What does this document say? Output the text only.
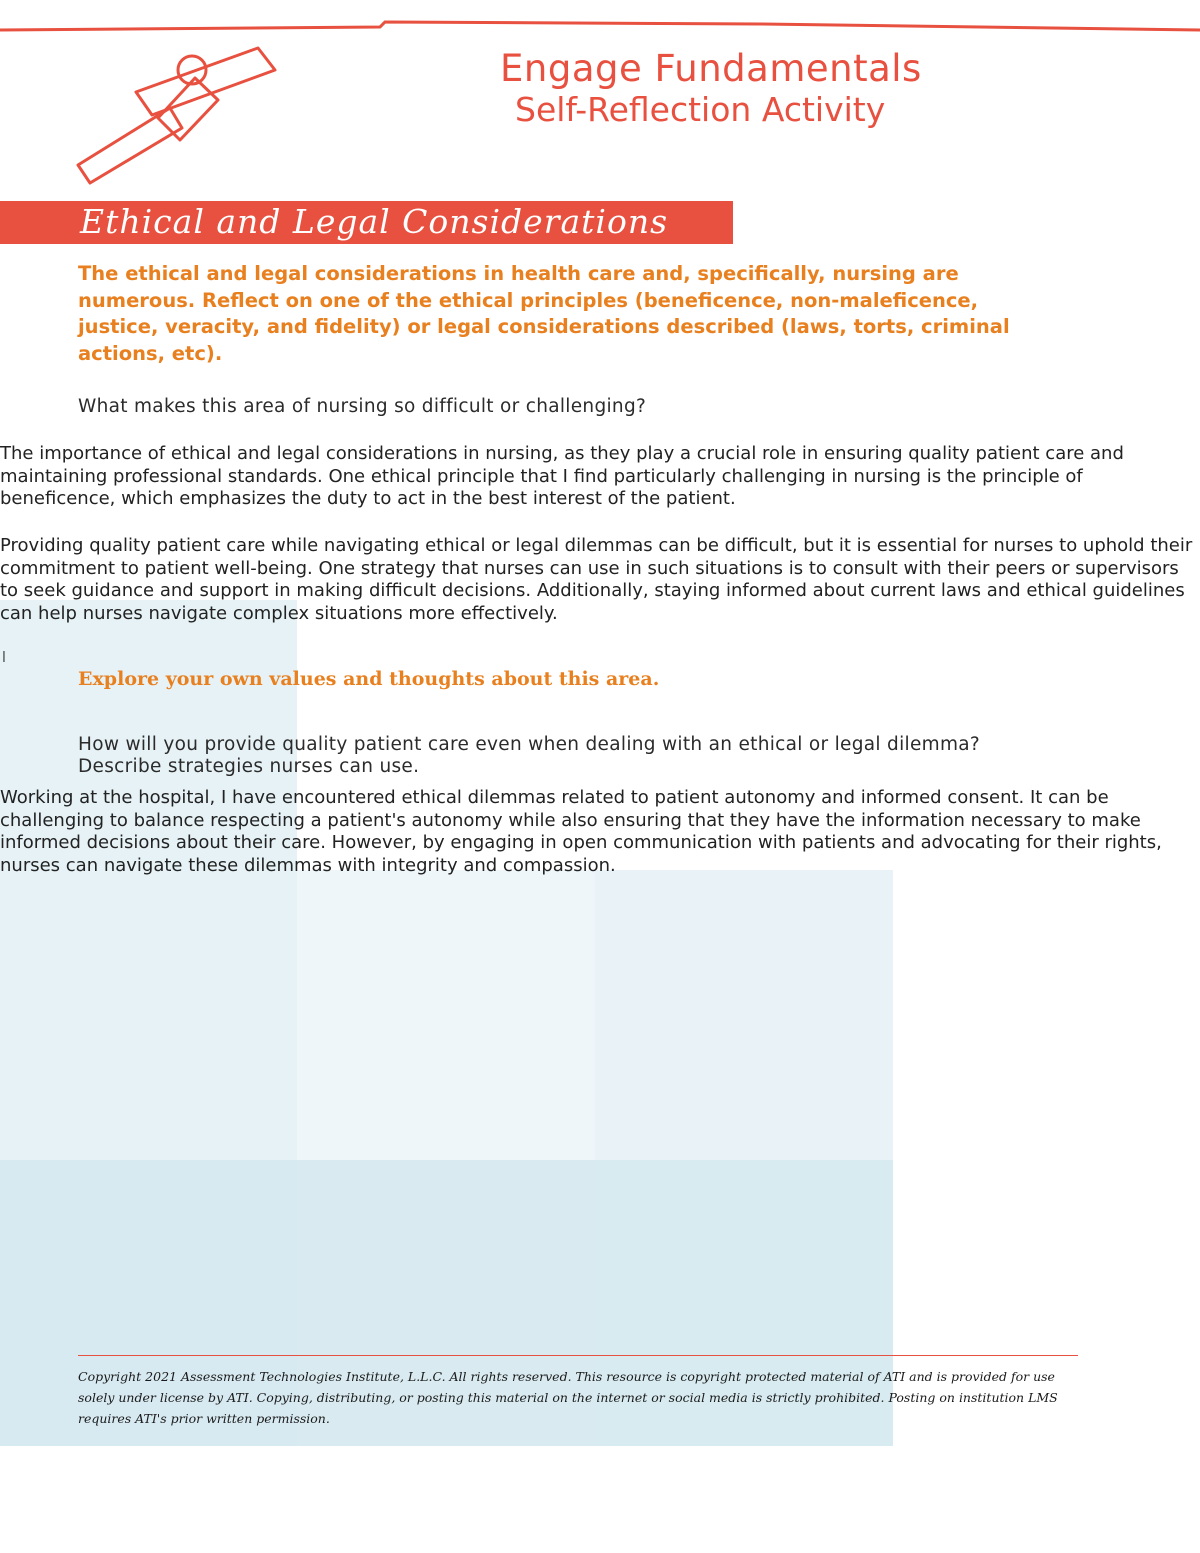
Engage Fundamentals
Self-Reflection Activity
Ethical and Legal Considerations

The ethical and legal considerations in health care and, specifically, nursing are numerous. Reflect on one of the ethical principles (beneficence, non-maleficence, justice, veracity, and fidelity) or legal considerations described (laws, torts, criminal actions, etc).

What makes this area of nursing so difficult or challenging?

The importance of ethical and legal considerations in nursing, as they play a crucial role in ensuring quality patient care and maintaining professional standards. One ethical principle that I find particularly challenging in nursing is the principle of beneficence, which emphasizes the duty to act in the best interest of the patient.

Providing quality patient care while navigating ethical or legal dilemmas can be difficult, but it is essential for nurses to uphold their commitment to patient well-being. One strategy that nurses can use in such situations is to consult with their peers or supervisors to seek guidance and support in making difficult decisions. Additionally, staying informed about current laws and ethical guidelines can help nurses navigate complex situations more effectively.

l

Explore your own values and thoughts about this area.

How will you provide quality patient care even when dealing with an ethical or legal dilemma? Describe strategies nurses can use.

Working at the hospital, I have encountered ethical dilemmas related to patient autonomy and informed consent. It can be challenging to balance respecting a patient's autonomy while also ensuring that they have the information necessary to make informed decisions about their care. However, by engaging in open communication with patients and advocating for their rights, nurses can navigate these dilemmas with integrity and compassion.

Copyright 2021 Assessment Technologies Institute, L.L.C. All rights reserved. This resource is copyright protected material of ATI and is provided for use solely under license by ATI. Copying, distributing, or posting this material on the internet or social media is strictly prohibited. Posting on institution LMS requires ATI's prior written permission.
